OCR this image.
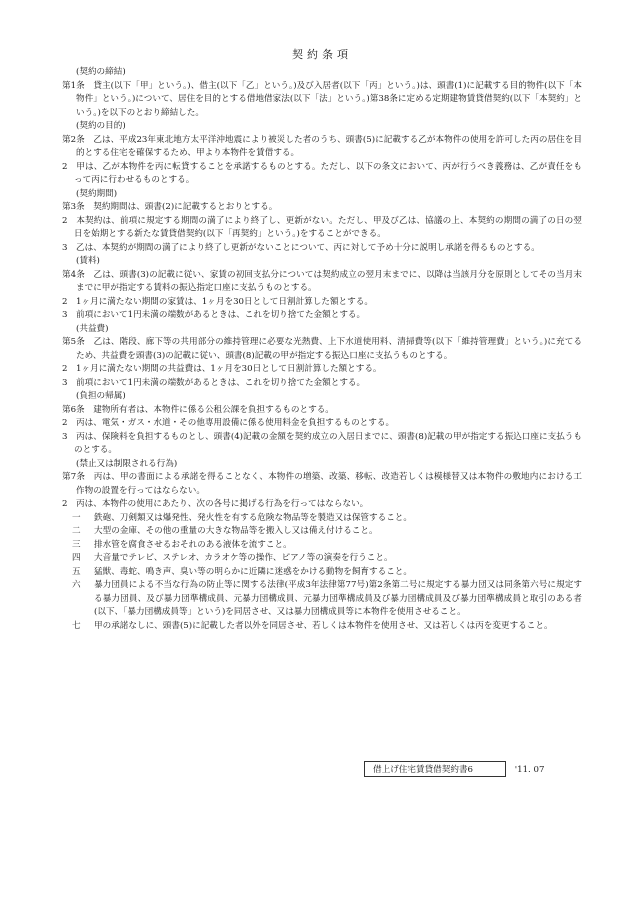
契約条項
(契約の締結)
第1条　貸主(以下「甲」という。)、借主(以下「乙」という。)及び入居者(以下「丙」という。)は、頭書(1)に記載する目的物件(以下「本物件」という。)について、居住を目的とする借地借家法(以下「法」という。)第38条に定める定期建物賃貸借契約(以下「本契約」という。)を以下のとおり締結した。
(契約の目的)
第2条　乙は、平成23年東北地方太平洋沖地震により被災した者のうち、頭書(5)に記載する乙が本物件の使用を許可した丙の居住を目的とする住宅を確保するため、甲より本物件を賃借する。
2　甲は、乙が本物件を丙に転貸することを承諾するものとする。ただし、以下の条文において、丙が行うべき義務は、乙が責任をもって丙に行わせるものとする。
(契約期間)
第3条　契約期間は、頭書(2)に記載するとおりとする。
2　本契約は、前項に規定する期間の満了により終了し、更新がない。ただし、甲及び乙は、協議の上、本契約の期間の満了の日の翌日を始期とする新たな賃貸借契約(以下「再契約」という。)をすることができる。
3　乙は、本契約が期間の満了により終了し更新がないことについて、丙に対して予め十分に説明し承諾を得るものとする。
(賃料)
第4条　乙は、頭書(3)の記載に従い、家賃の初回支払分については契約成立の翌月末までに、以降は当該月分を原則としてその当月末までに甲が指定する賃料の振込指定口座に支払うものとする。
2　1ヶ月に満たない期間の家賃は、1ヶ月を30日として日割計算した額とする。
3　前項において1円未満の端数があるときは、これを切り捨てた金額とする。
(共益費)
第5条　乙は、階段、廊下等の共用部分の維持管理に必要な光熱費、上下水道使用料、清掃費等(以下「維持管理費」という。)に充てるため、共益費を頭書(3)の記載に従い、頭書(8)記載の甲が指定する振込口座に支払うものとする。
2　1ヶ月に満たない期間の共益費は、1ヶ月を30日として日割計算した額とする。
3　前項において1円未満の端数があるときは、これを切り捨てた金額とする。
(負担の帰属)
第6条　建物所有者は、本物件に係る公租公課を負担するものとする。
2　丙は、電気・ガス・水道・その他専用設備に係る使用料金を負担するものとする。
3　丙は、保険料を負担するものとし、頭書(4)記載の金額を契約成立の入居日までに、頭書(8)記載の甲が指定する振込口座に支払うものとする。
(禁止又は制限される行為)
第7条　丙は、甲の書面による承諾を得ることなく、本物件の増築、改築、移転、改造若しくは模様替又は本物件の敷地内における工作物の設置を行ってはならない。
2　丙は、本物件の使用にあたり、次の各号に掲げる行為を行ってはならない。
一 鉄砲、刀剣類又は爆発性、発火性を有する危険な物品等を製造又は保管すること。
二 大型の金庫、その他の重量の大きな物品等を搬入し又は備え付けること。
三 排水管を腐食させるおそれのある液体を流すこと。
四 大音量でテレビ、ステレオ、カラオケ等の操作、ピアノ等の演奏を行うこと。
五 猛獣、毒蛇、鳴き声、臭い等の明らかに近隣に迷惑をかける動物を飼育すること。
六 暴力団員による不当な行為の防止等に関する法律(平成3年法律第77号)第2条第二号に規定する暴力団又は同条第六号に規定する暴力団員、及び暴力団準構成員、元暴力団構成員、元暴力団準構成員及び暴力団構成員及び暴力団準構成員と取引のある者(以下、「暴力団構成員等」という)を同居させ、又は暴力団構成員等に本物件を使用させること。
七 甲の承諾なしに、頭書(5)に記載した者以外を同居させ、若しくは本物件を使用させ、又は若しくは丙を変更すること。
借上げ住宅賃貸借契約書6	'11. 07
